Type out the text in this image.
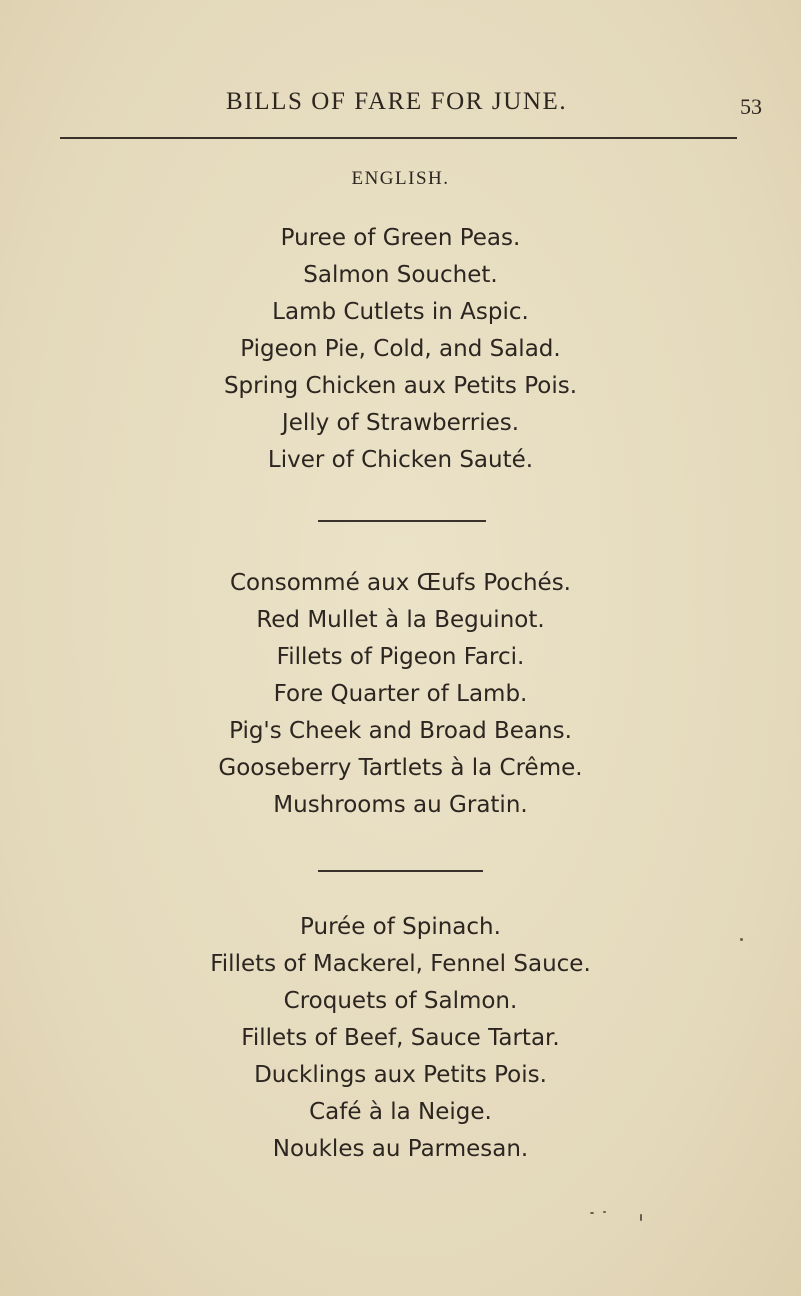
BILLS OF FARE FOR JUNE.	53
ENGLISH.
Puree of Green Peas.
Salmon Souchet.
Lamb Cutlets in Aspic.
Pigeon Pie, Cold, and Salad.
Spring Chicken aux Petits Pois.
Jelly of Strawberries.
Liver of Chicken Sauté.
Consommé aux Œufs Pochés.
Red Mullet à la Beguinot.
Fillets of Pigeon Farci.
Fore Quarter of Lamb.
Pig's Cheek and Broad Beans.
Gooseberry Tartlets à la Crême.
Mushrooms au Gratin.
Purée of Spinach.
Fillets of Mackerel, Fennel Sauce.
Croquets of Salmon.
Fillets of Beef, Sauce Tartar.
Ducklings aux Petits Pois.
Café à la Neige.
Noukles au Parmesan.
